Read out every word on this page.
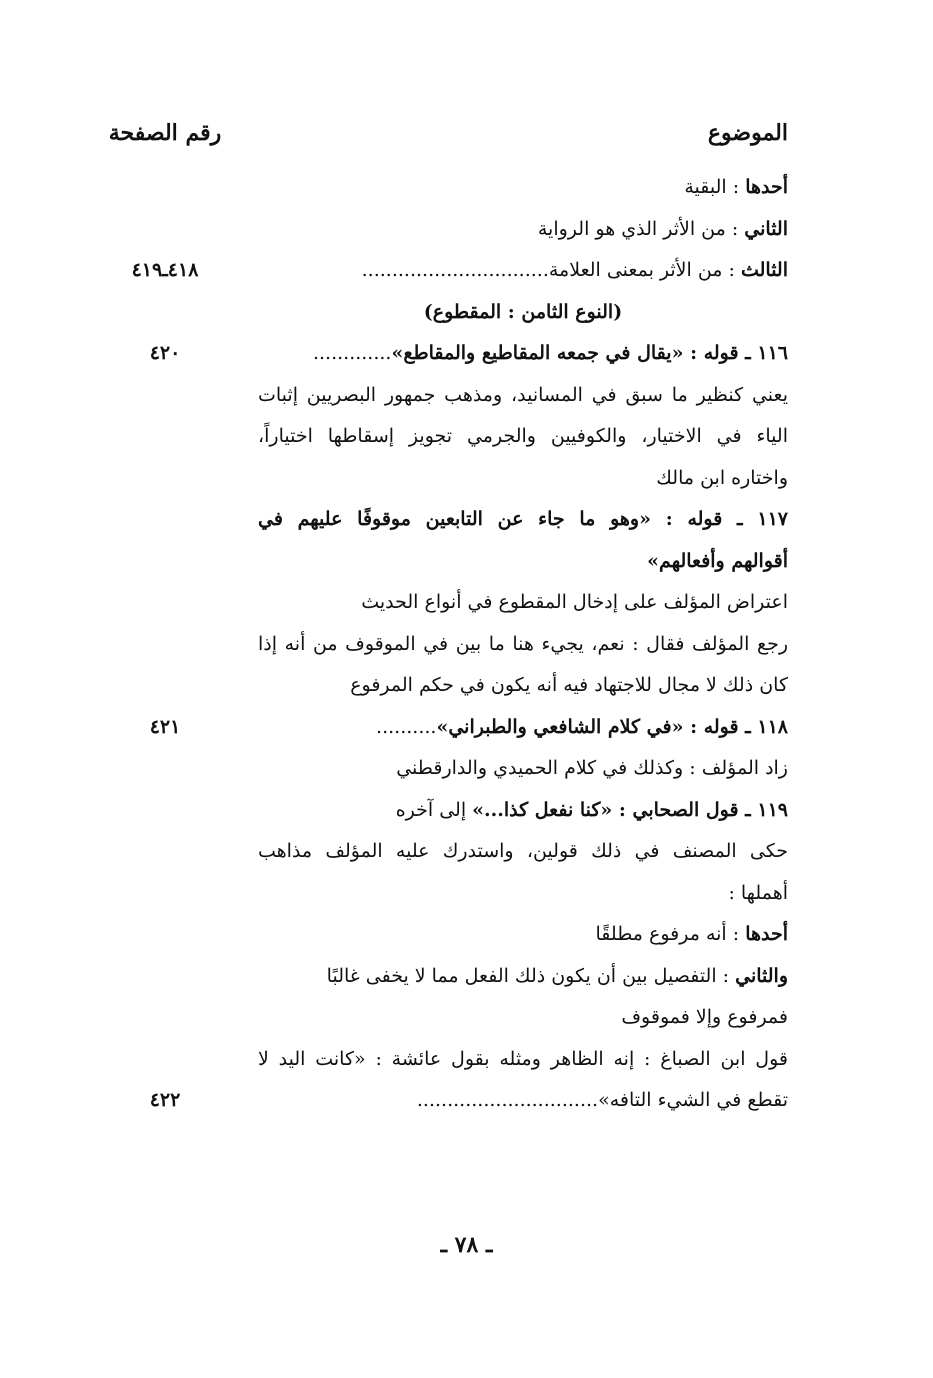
الموضوع
رقم الصفحة
أحدها : البقية
الثاني : من الأثر الذي هو الرواية
الثالث : من الأثر بمعنى العلامة...............................
٤١٨ـ٤١٩
(النوع الثامن : المقطوع)
١١٦ ـ قوله : «يقال في جمعه المقاطيع والمقاطع».............
٤٢٠
يعني كنظير ما سبق في المسانيد، ومذهب جمهور البصريين إثبات
الياء في الاختيار، والكوفيين والجرمي تجويز إسقاطها اختياراً،
واختاره ابن مالك
١١٧ ـ قوله : «وهو ما جاء عن التابعين موقوفًا عليهم في
أقوالهم وأفعالهم»
اعتراض المؤلف على إدخال المقطوع في أنواع الحديث
رجع المؤلف فقال : نعم، يجيء هنا ما بين في الموقوف من أنه إذا
كان ذلك لا مجال للاجتهاد فيه أنه يكون في حكم المرفوع
١١٨ ـ قوله : «في كلام الشافعي والطبراني»..........
٤٢١
زاد المؤلف : وكذلك في كلام الحميدي والدارقطني
١١٩ ـ قول الصحابي : «كنا نفعل كذا...» إلى آخره
حكى المصنف في ذلك قولين، واستدرك عليه المؤلف مذاهب
أهملها :
أحدها : أنه مرفوع مطلقًا
والثاني : التفصيل بين أن يكون ذلك الفعل مما لا يخفى غالبًا
فمرفوع وإلا فموقوف
قول ابن الصباغ : إنه الظاهر ومثله بقول عائشة : «كانت اليد لا
تقطع في الشيء التافه»..............................
٤٢٢
ـ ٧٨ ـ
